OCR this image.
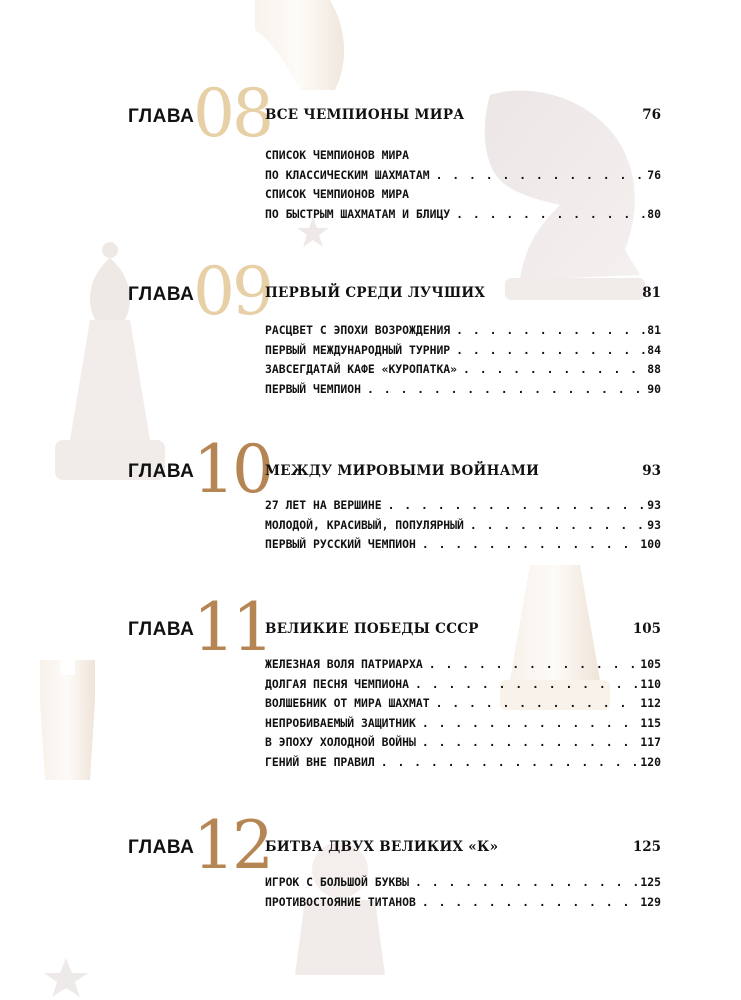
ГЛАВА
08
ВСЕ ЧЕМПИОНЫ МИРА	76
СПИСОК ЧЕМПИОНОВ МИРА
ПО КЛАССИЧЕСКИМ ШАХМАТАМ . . .	76
СПИСОК ЧЕМПИОНОВ МИРА
ПО БЫСТРЫМ ШАХМАТАМ И БЛИЦУ . . .	80
ГЛАВА
09
ПЕРВЫЙ СРЕДИ ЛУЧШИХ	81
РАСЦВЕТ С ЭПОХИ ВОЗРОЖДЕНИЯ . . .	81
ПЕРВЫЙ МЕЖДУНАРОДНЫЙ ТУРНИР . . .	84
ЗАВСЕГДАТАЙ КАФЕ «КУРОПАТКА» . . .	88
ПЕРВЫЙ ЧЕМПИОН . . .	90
ГЛАВА
10
МЕЖДУ МИРОВЫМИ ВОЙНАМИ	93
27 ЛЕТ НА ВЕРШИНЕ . . .	93
МОЛОДОЙ, КРАСИВЫЙ, ПОПУЛЯРНЫЙ . . .	93
ПЕРВЫЙ РУССКИЙ ЧЕМПИОН . . .	100
ГЛАВА
11
ВЕЛИКИЕ ПОБЕДЫ СССР	105
ЖЕЛЕЗНАЯ ВОЛЯ ПАТРИАРХА . . .	105
ДОЛГАЯ ПЕСНЯ ЧЕМПИОНА . . .	110
ВОЛШЕБНИК ОТ МИРА ШАХМАТ . . .	112
НЕПРОБИВАЕМЫЙ ЗАЩИТНИК . . .	115
В ЭПОХУ ХОЛОДНОЙ ВОЙНЫ . . .	117
ГЕНИЙ ВНЕ ПРАВИЛ . . .	120
ГЛАВА
12
БИТВА ДВУХ ВЕЛИКИХ «К»	125
ИГРОК С БОЛЬШОЙ БУКВЫ . . .	125
ПРОТИВОСТОЯНИЕ ТИТАНОВ . . .	129
